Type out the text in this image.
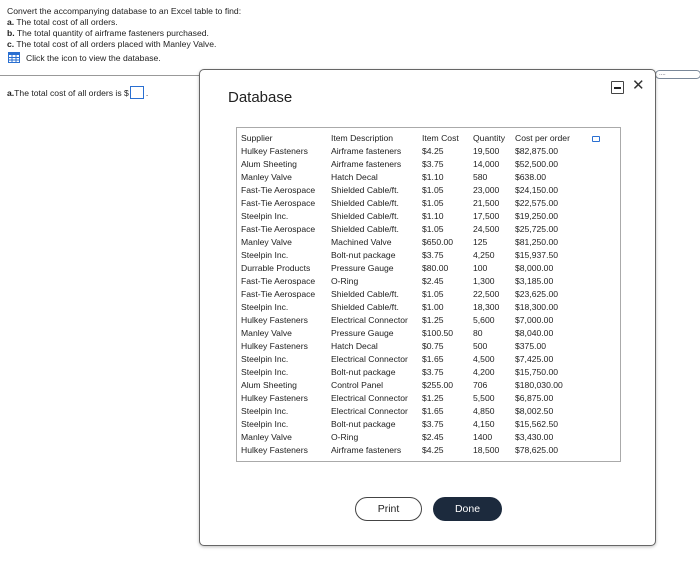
Convert the accompanying database to an Excel table to find:
a. The total cost of all orders.
b. The total quantity of airframe fasteners purchased.
c. The total cost of all orders placed with Manley Valve.
Click the icon to view the database.
....
a. The total cost of all orders is $ .	Database
✕
Supplier	Item Description	Item Cost	Quantity	Cost per order
Hulkey Fasteners	Airframe fasteners	$4.25	19,500	$82,875.00
Alum Sheeting	Airframe fasteners	$3.75	14,000	$52,500.00
Manley Valve	Hatch Decal	$1.10	580	$638.00
Fast-Tie Aerospace	Shielded Cable/ft.	$1.05	23,000	$24,150.00
Fast-Tie Aerospace	Shielded Cable/ft.	$1.05	21,500	$22,575.00
Steelpin Inc.	Shielded Cable/ft.	$1.10	17,500	$19,250.00
Fast-Tie Aerospace	Shielded Cable/ft.	$1.05	24,500	$25,725.00
Manley Valve	Machined Valve	$650.00	125	$81,250.00
Steelpin Inc.	Bolt-nut package	$3.75	4,250	$15,937.50
Durrable Products	Pressure Gauge	$80.00	100	$8,000.00
Fast-Tie Aerospace	O-Ring	$2.45	1,300	$3,185.00
Fast-Tie Aerospace	Shielded Cable/ft.	$1.05	22,500	$23,625.00
Steelpin Inc.	Shielded Cable/ft.	$1.00	18,300	$18,300.00
Hulkey Fasteners	Electrical Connector	$1.25	5,600	$7,000.00
Manley Valve	Pressure Gauge	$100.50	80	$8,040.00
Hulkey Fasteners	Hatch Decal	$0.75	500	$375.00
Steelpin Inc.	Electrical Connector	$1.65	4,500	$7,425.00
Steelpin Inc.	Bolt-nut package	$3.75	4,200	$15,750.00
Alum Sheeting	Control Panel	$255.00	706	$180,030.00
Hulkey Fasteners	Electrical Connector	$1.25	5,500	$6,875.00
Steelpin Inc.	Electrical Connector	$1.65	4,850	$8,002.50
Steelpin Inc.	Bolt-nut package	$3.75	4,150	$15,562.50
Manley Valve	O-Ring	$2.45	1400	$3,430.00
Hulkey Fasteners	Airframe fasteners	$4.25	18,500	$78,625.00
Print	Done
